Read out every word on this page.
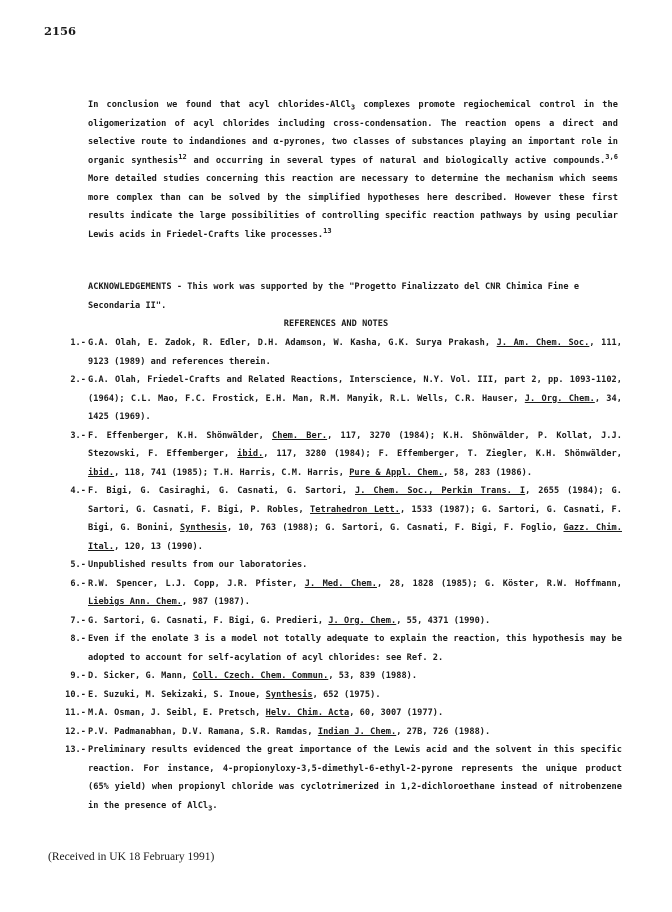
2156
In conclusion we found that acyl chlorides-AlCl$_3$ complexes promote regiochemical control in the oligomerization of acyl chlorides including cross-condensation. The reaction opens a direct and selective route to indandiones and α-pyrones, two classes of substances playing an important role in organic synthesis$^{12}$ and occurring in several types of natural and biologically active compounds.$^{3,6}$ More detailed studies concerning this reaction are necessary to determine the mechanism which seems more complex than can be solved by the simplified hypotheses here described. However these first results indicate the large possibilities of controlling specific reaction pathways by using peculiar Lewis acids in Friedel-Crafts like processes.$^{13}$
ACKNOWLEDGEMENTS - This work was supported by the "Progetto Finalizzato del CNR Chimica Fine e Secondaria II".
REFERENCES AND NOTES
1.- G.A. Olah, E. Zadok, R. Edler, D.H. Adamson, W. Kasha, G.K. Surya Prakash, J. Am. Chem. Soc., 111, 9123 (1989) and references therein.
2.- G.A. Olah, Friedel-Crafts and Related Reactions, Interscience, N.Y. Vol. III, part 2, pp. 1093-1102, (1964); C.L. Mao, F.C. Frostick, E.H. Man, R.M. Manyik, R.L. Wells, C.R. Hauser, J. Org. Chem., 34, 1425 (1969).
3.- F. Effenberger, K.H. Shönwälder, Chem. Ber., 117, 3270 (1984); K.H. Shönwälder, P. Kollat, J.J. Stezowski, F. Effemberger, ibid., 117, 3280 (1984); F. Effemberger, T. Ziegler, K.H. Shönwälder, ibid., 118, 741 (1985); T.H. Harris, C.M. Harris, Pure & Appl. Chem., 58, 283 (1986).
4.- F. Bigi, G. Casiraghi, G. Casnati, G. Sartori, J. Chem. Soc., Perkin Trans. I, 2655 (1984); G. Sartori, G. Casnati, F. Bigi, P. Robles, Tetrahedron Lett., 1533 (1987); G. Sartori, G. Casnati, F. Bigi, G. Bonini, Synthesis, 10, 763 (1988); G. Sartori, G. Casnati, F. Bigi, F. Foglio, Gazz. Chim. Ital., 120, 13 (1990).
5.- Unpublished results from our laboratories.
6.- R.W. Spencer, L.J. Copp, J.R. Pfister, J. Med. Chem., 28, 1828 (1985); G. Köster, R.W. Hoffmann, Liebigs Ann. Chem., 987 (1987).
7.- G. Sartori, G. Casnati, F. Bigi, G. Predieri, J. Org. Chem., 55, 4371 (1990).
8.- Even if the enolate 3 is a model not totally adequate to explain the reaction, this hypothesis may be adopted to account for self-acylation of acyl chlorides: see Ref. 2.
9.- D. Sicker, G. Mann, Coll. Czech. Chem. Commun., 53, 839 (1988).
10.- E. Suzuki, M. Sekizaki, S. Inoue, Synthesis, 652 (1975).
11.- M.A. Osman, J. Seibl, E. Pretsch, Helv. Chim. Acta, 60, 3007 (1977).
12.- P.V. Padmanabhan, D.V. Ramana, S.R. Ramdas, Indian J. Chem., 27B, 726 (1988).
13.- Preliminary results evidenced the great importance of the Lewis acid and the solvent in this specific reaction. For instance, 4-propionyloxy-3,5-dimethyl-6-ethyl-2-pyrone represents the unique product (65% yield) when propionyl chloride was cyclotrimerized in 1,2-dichloroethane instead of nitrobenzene in the presence of AlCl$_3$.
(Received in UK 18 February 1991)
